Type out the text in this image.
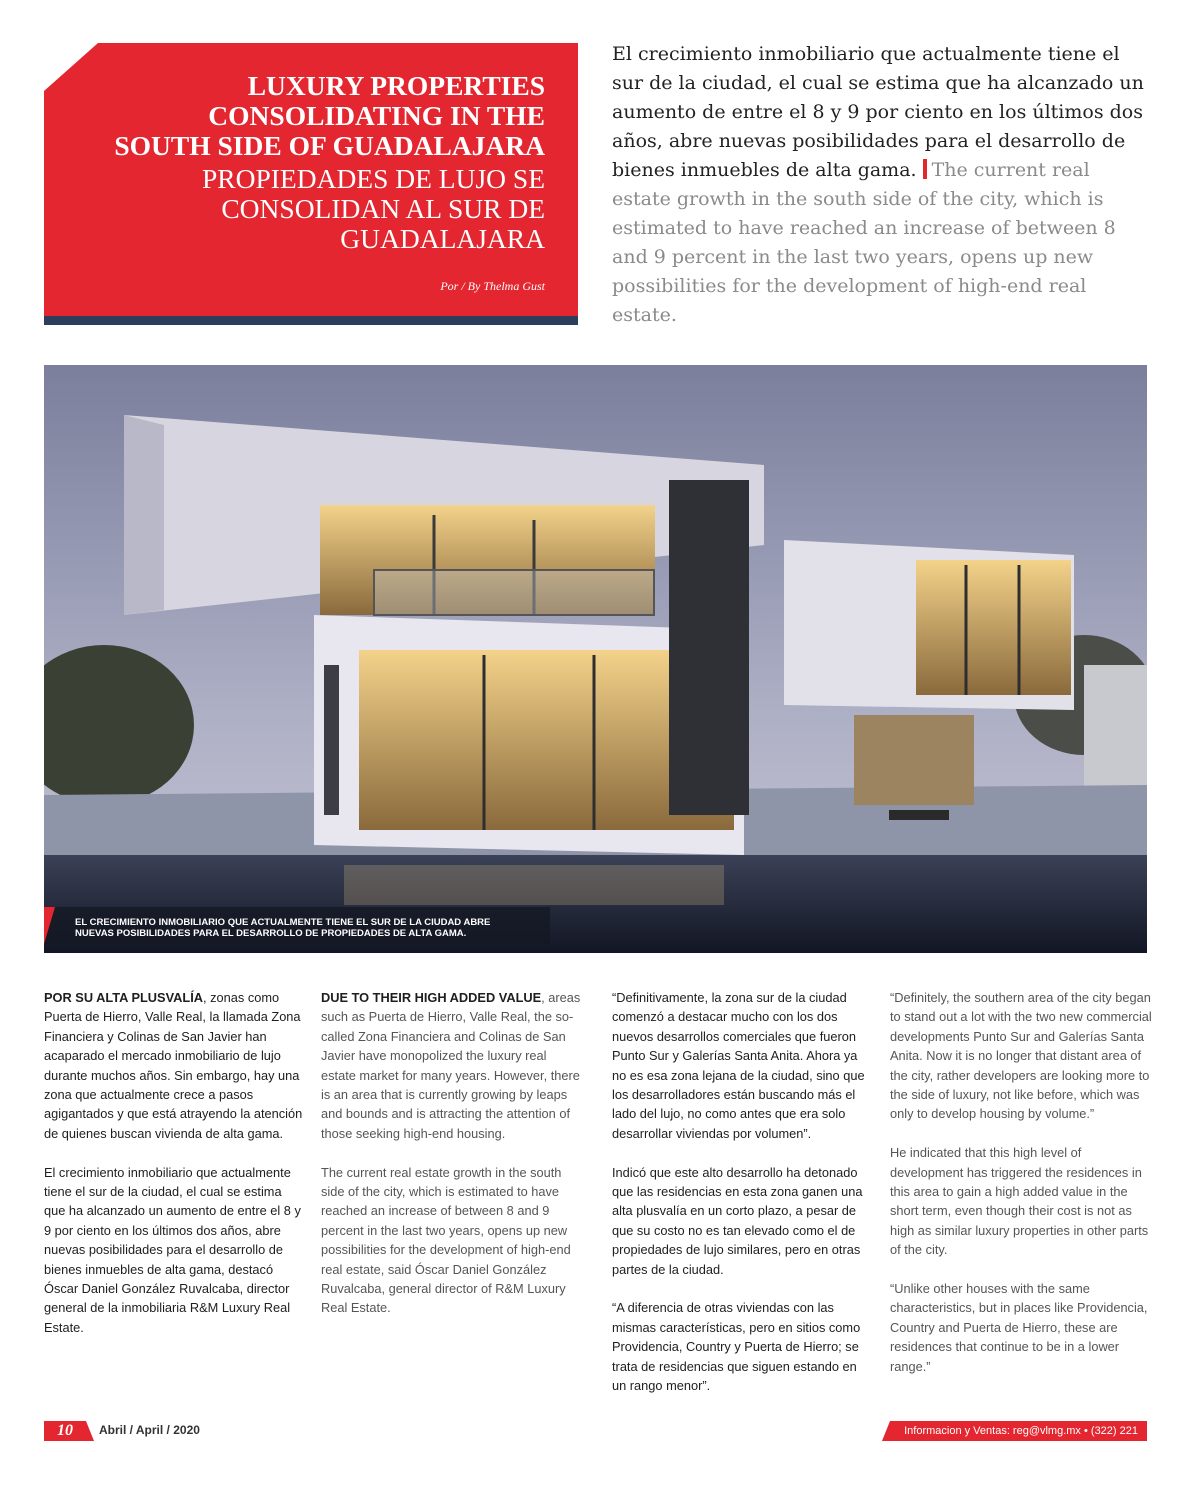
LUXURY PROPERTIES
CONSOLIDATING IN THE
SOUTH SIDE OF GUADALAJARA
PROPIEDADES DE LUJO SE
CONSOLIDAN AL SUR DE
GUADALAJARA
Por / By Thelma Gust
El crecimiento inmobiliario que actualmente tiene el sur de la ciudad, el cual se estima que ha alcanzado un aumento de entre el 8 y 9 por ciento en los últimos dos años, abre nuevas posibilidades para el desarrollo de bienes inmuebles de alta gama. The current real estate growth in the south side of the city, which is estimated to have reached an increase of between 8 and 9 percent in the last two years, opens up new possibilities for the development of high-end real estate.
EL CRECIMIENTO INMOBILIARIO QUE ACTUALMENTE TIENE EL SUR DE LA CIUDAD ABRE
NUEVAS POSIBILIDADES PARA EL DESARROLLO DE PROPIEDADES DE ALTA GAMA.

POR SU ALTA PLUSVALÍA, zonas como Puerta de Hierro, Valle Real, la llamada Zona Financiera y Colinas de San Javier han acaparado el mercado inmobiliario de lujo durante muchos años. Sin embargo, hay una zona que actualmente crece a pasos agigantados y que está atrayendo la atención de quienes buscan vivienda de alta gama.

El crecimiento inmobiliario que actualmente tiene el sur de la ciudad, el cual se estima que ha alcanzado un aumento de entre el 8 y 9 por ciento en los últimos dos años, abre nuevas posibilidades para el desarrollo de bienes inmuebles de alta gama, destacó Óscar Daniel González Ruvalcaba, director general de la inmobiliaria R&M Luxury Real Estate.

DUE TO THEIR HIGH ADDED VALUE, areas such as Puerta de Hierro, Valle Real, the so-called Zona Financiera and Colinas de San Javier have monopolized the luxury real estate market for many years. However, there is an area that is currently growing by leaps and bounds and is attracting the attention of those seeking high-end housing.

The current real estate growth in the south side of the city, which is estimated to have reached an increase of between 8 and 9 percent in the last two years, opens up new possibilities for the development of high-end real estate, said Óscar Daniel González Ruvalcaba, general director of R&M Luxury Real Estate.

“Definitivamente, la zona sur de la ciudad comenzó a destacar mucho con los dos nuevos desarrollos comerciales que fueron Punto Sur y Galerías Santa Anita. Ahora ya no es esa zona lejana de la ciudad, sino que los desarrolladores están buscando más el lado del lujo, no como antes que era solo desarrollar viviendas por volumen”.

Indicó que este alto desarrollo ha detonado que las residencias en esta zona ganen una alta plusvalía en un corto plazo, a pesar de que su costo no es tan elevado como el de propiedades de lujo similares, pero en otras partes de la ciudad.

“A diferencia de otras viviendas con las mismas características, pero en sitios como Providencia, Country y Puerta de Hierro; se trata de residencias que siguen estando en un rango menor”.

“Definitely, the southern area of the city began to stand out a lot with the two new commercial developments Punto Sur and Galerías Santa Anita. Now it is no longer that distant area of the city, rather developers are looking more to the side of luxury, not like before, which was only to develop housing by volume.”

He indicated that this high level of development has triggered the residences in this area to gain a high added value in the short term, even though their cost is not as high as similar luxury properties in other parts of the city.

“Unlike other houses with the same characteristics, but in places like Providencia, Country and Puerta de Hierro, these are residences that continue to be in a lower range.”

10	Abril / April / 2020	Informacion y Ventas: reg@vlmg.mx • (322) 221 0106
